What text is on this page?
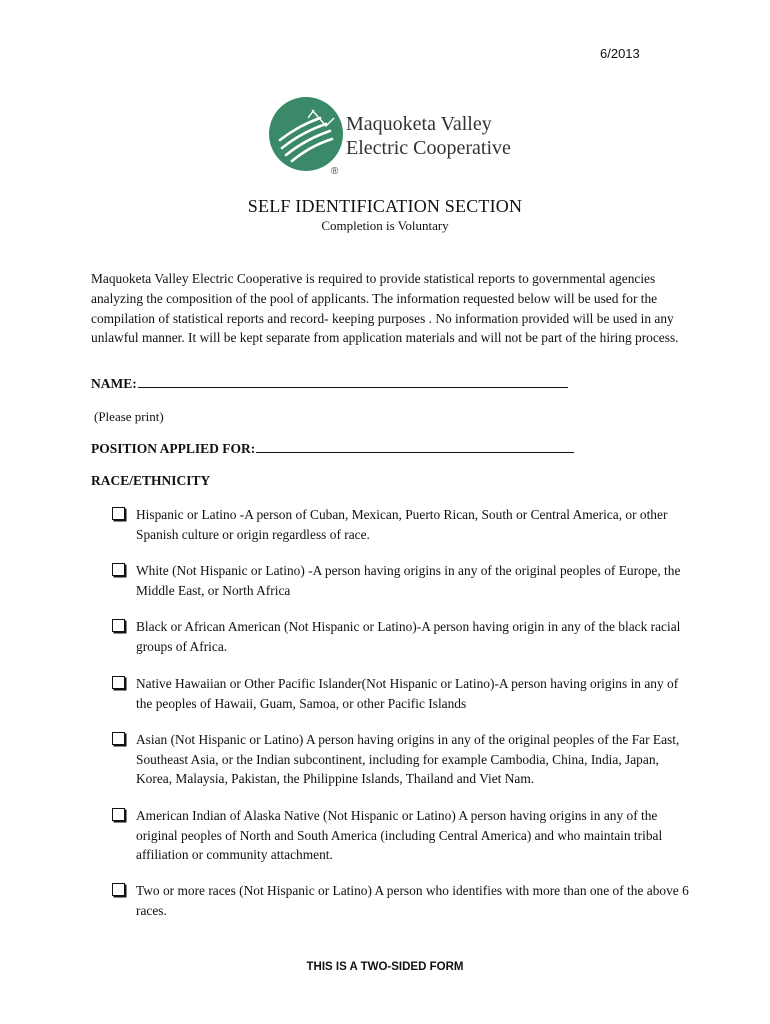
6/2013
Maquoketa Valley
Electric Cooperative
®
SELF IDENTIFICATION SECTION
Completion is Voluntary
Maquoketa Valley Electric Cooperative is required to provide statistical reports to governmental agencies analyzing the composition of the pool of applicants. The information requested below will be used for the compilation of statistical reports and record- keeping purposes . No information provided will be used in any unlawful manner. It will be kept separate from application materials and will not be part of the hiring process.
NAME:
(Please print)
POSITION APPLIED FOR:
RACE/ETHNICITY
Hispanic or Latino -A person of Cuban, Mexican, Puerto Rican, South or Central America, or other Spanish culture or origin regardless of race.
White (Not Hispanic or Latino) -A person having origins in any of the original peoples of Europe, the Middle East, or North Africa
Black or African American (Not Hispanic or Latino)-A person having origin in any of the black racial groups of Africa.
Native Hawaiian or Other Pacific Islander(Not Hispanic or Latino)-A person having origins in any of the peoples of Hawaii, Guam, Samoa, or other Pacific Islands
Asian (Not Hispanic or Latino) A person having origins in any of the original peoples of the Far East, Southeast Asia, or the Indian subcontinent, including for example Cambodia, China, India, Japan, Korea, Malaysia, Pakistan, the Philippine Islands, Thailand and Viet Nam.
American Indian of Alaska Native (Not Hispanic or Latino) A person having origins in any of the original peoples of North and South America (including Central America) and who maintain tribal affiliation or community attachment.
Two or more races (Not Hispanic or Latino) A person who identifies with more than one of the above 6 races.
THIS IS A TWO-SIDED FORM
